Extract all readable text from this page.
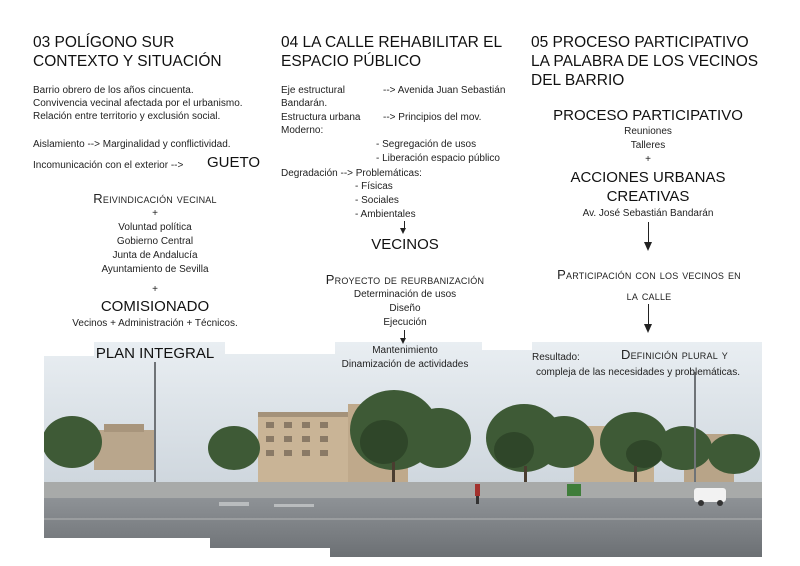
03 POLÍGONO SUR
CONTEXTO Y SITUACIÓN
Barrio obrero de los años cincuenta.
Convivencia vecinal afectada por el urbanismo.
Relación entre territorio y exclusión social.
Aislamiento --> Marginalidad y conflictividad.
Incomunicación con el exterior --> GUETO
Reivindicación vecinal
+
Voluntad política
Gobierno Central
Junta de Andalucía
Ayuntamiento de Sevilla
+
COMISIONADO
Vecinos + Administración + Técnicos.
PLAN INTEGRAL
04 LA CALLE REHABILITAR EL
ESPACIO PÚBLICO
Eje estructural	--> Avenida Juan Sebastián
Bandarán.
Estructura urbana --> Principios del mov.
Moderno:
- Segregación de usos
- Liberación espacio público
Degradación --> Problemáticas:
- Físicas
- Sociales
- Ambientales
VECINOS
Proyecto de reurbanización
Determinación de usos
Diseño
Ejecución
Mantenimiento
Dinamización de actividades
05 PROCESO PARTICIPATIVO
LA PALABRA DE LOS VECINOS
DEL BARRIO
PROCESO PARTICIPATIVO
Reuniones
Talleres
+
ACCIONES URBANAS
CREATIVAS
Av. José Sebastián Bandarán
Participación con los vecinos en
la calle
Resultado:	Definición plural y
compleja de las necesidades y problemáticas.
